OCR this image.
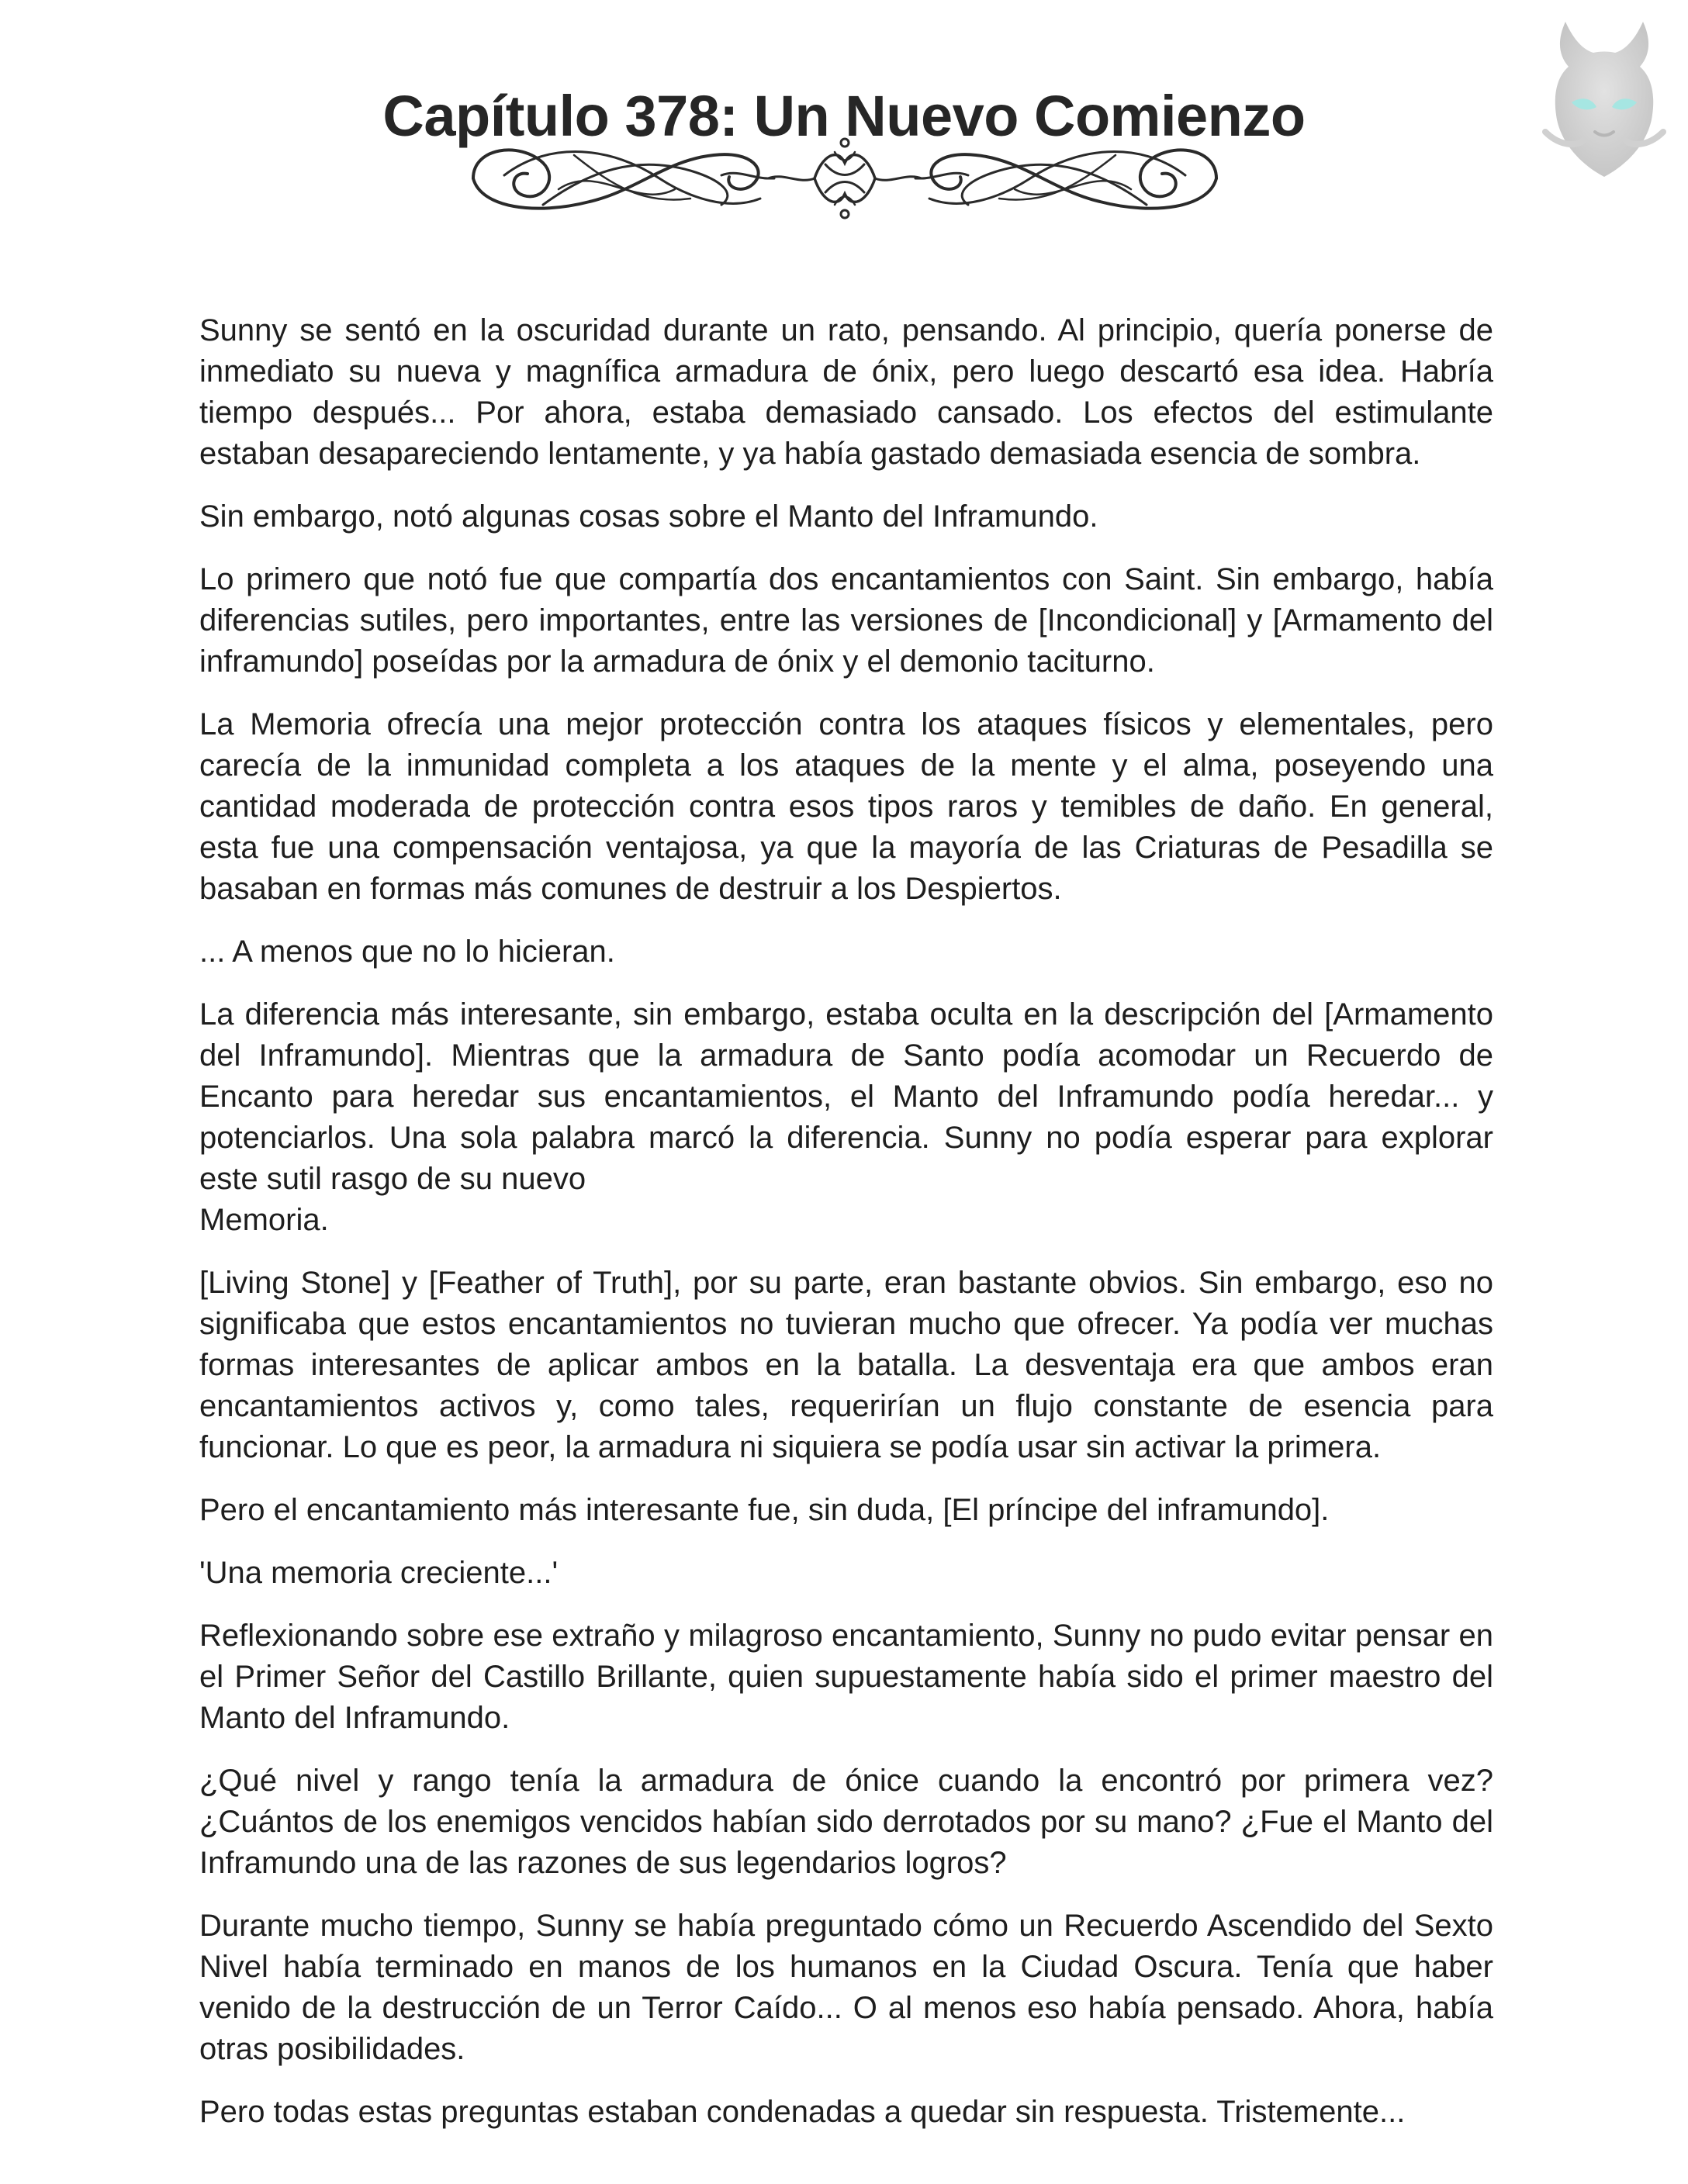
Capítulo 378: Un Nuevo Comienzo

Sunny se sentó en la oscuridad durante un rato, pensando. Al principio, quería ponerse de inmediato su nueva y magnífica armadura de ónix, pero luego descartó esa idea. Habría tiempo después... Por ahora, estaba demasiado cansado. Los efectos del estimulante estaban desapareciendo lentamente, y ya había gastado demasiada esencia de sombra.

Sin embargo, notó algunas cosas sobre el Manto del Inframundo.

Lo primero que notó fue que compartía dos encantamientos con Saint. Sin embargo, había diferencias sutiles, pero importantes, entre las versiones de [Incondicional] y [Armamento del inframundo] poseídas por la armadura de ónix y el demonio taciturno.

La Memoria ofrecía una mejor protección contra los ataques físicos y elementales, pero carecía de la inmunidad completa a los ataques de la mente y el alma, poseyendo una cantidad moderada de protección contra esos tipos raros y temibles de daño. En general, esta fue una compensación ventajosa, ya que la mayoría de las Criaturas de Pesadilla se basaban en formas más comunes de destruir a los Despiertos.

... A menos que no lo hicieran.

La diferencia más interesante, sin embargo, estaba oculta en la descripción del [Armamento del Inframundo]. Mientras que la armadura de Santo podía acomodar un Recuerdo de Encanto para heredar sus encantamientos, el Manto del Inframundo podía heredar... y potenciarlos. Una sola palabra marcó la diferencia. Sunny no podía esperar para explorar este sutil rasgo de su nuevo

Memoria.

[Living Stone] y [Feather of Truth], por su parte, eran bastante obvios. Sin embargo, eso no significaba que estos encantamientos no tuvieran mucho que ofrecer. Ya podía ver muchas formas interesantes de aplicar ambos en la batalla. La desventaja era que ambos eran encantamientos activos y, como tales, requerirían un flujo constante de esencia para funcionar. Lo que es peor, la armadura ni siquiera se podía usar sin activar la primera.

Pero el encantamiento más interesante fue, sin duda, [El príncipe del inframundo].

'Una memoria creciente...'

Reflexionando sobre ese extraño y milagroso encantamiento, Sunny no pudo evitar pensar en el Primer Señor del Castillo Brillante, quien supuestamente había sido el primer maestro del Manto del Inframundo.

¿Qué nivel y rango tenía la armadura de ónice cuando la encontró por primera vez? ¿Cuántos de los enemigos vencidos habían sido derrotados por su mano? ¿Fue el Manto del Inframundo una de las razones de sus legendarios logros?

Durante mucho tiempo, Sunny se había preguntado cómo un Recuerdo Ascendido del Sexto Nivel había terminado en manos de los humanos en la Ciudad Oscura. Tenía que haber venido de la destrucción de un Terror Caído... O al menos eso había pensado. Ahora, había otras posibilidades.

Pero todas estas preguntas estaban condenadas a quedar sin respuesta. Tristemente...
